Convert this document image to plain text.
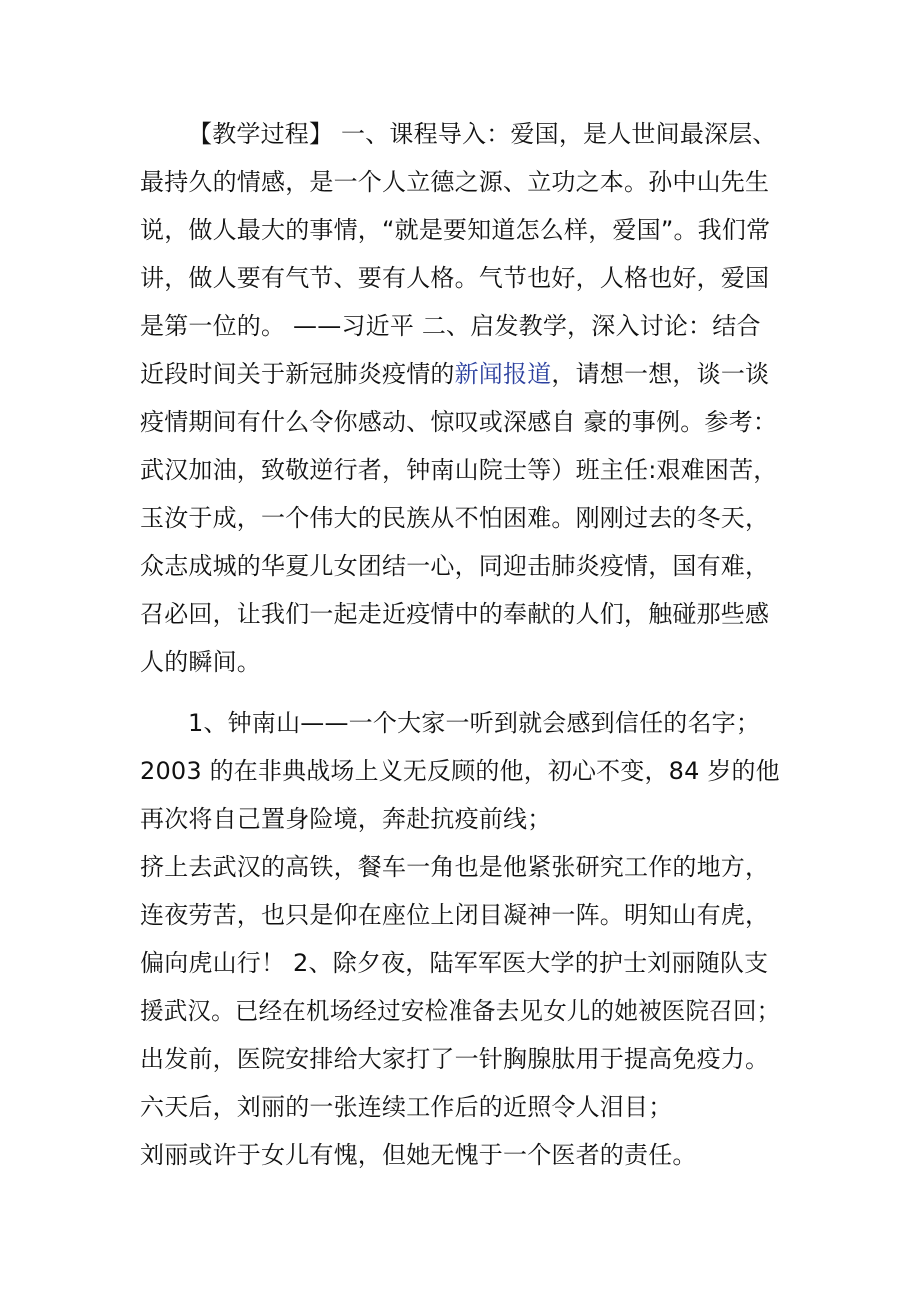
【教学过程】 一、课程导入：爱国，是人世间最深层、
最持久的情感，是一个人立德之源、立功之本。孙中山先生
说，做人最大的事情，“就是要知道怎么样，爱国”。我们常
讲，做人要有气节、要有人格。气节也好，人格也好，爱国
是第一位的。 ——习近平 二、启发教学，深入讨论：结合
近段时间关于新冠肺炎疫情的新闻报道，请想一想，谈一谈
疫情期间有什么令你感动、惊叹或深感自 豪的事例。参考：
武汉加油，致敬逆行者，钟南山院士等）班主任:艰难困苦，
玉汝于成，一个伟大的民族从不怕困难。刚刚过去的冬天，
众志成城的华夏儿女团结一心，同迎击肺炎疫情，国有难，
召必回，让我们一起走近疫情中的奉献的人们，触碰那些感
人的瞬间。
1、钟南山——一个大家一听到就会感到信任的名字；
2003 的在非典战场上义无反顾的他，初心不变，84 岁的他
再次将自己置身险境，奔赴抗疫前线；
挤上去武汉的高铁，餐车一角也是他紧张研究工作的地方，
连夜劳苦，也只是仰在座位上闭目凝神一阵。明知山有虎，
偏向虎山行！ 2、除夕夜，陆军军医大学的护士刘丽随队支
援武汉。已经在机场经过安检准备去见女儿的她被医院召回；
出发前，医院安排给大家打了一针胸腺肽用于提高免疫力。
六天后，刘丽的一张连续工作后的近照令人泪目；
刘丽或许于女儿有愧，但她无愧于一个医者的责任。
